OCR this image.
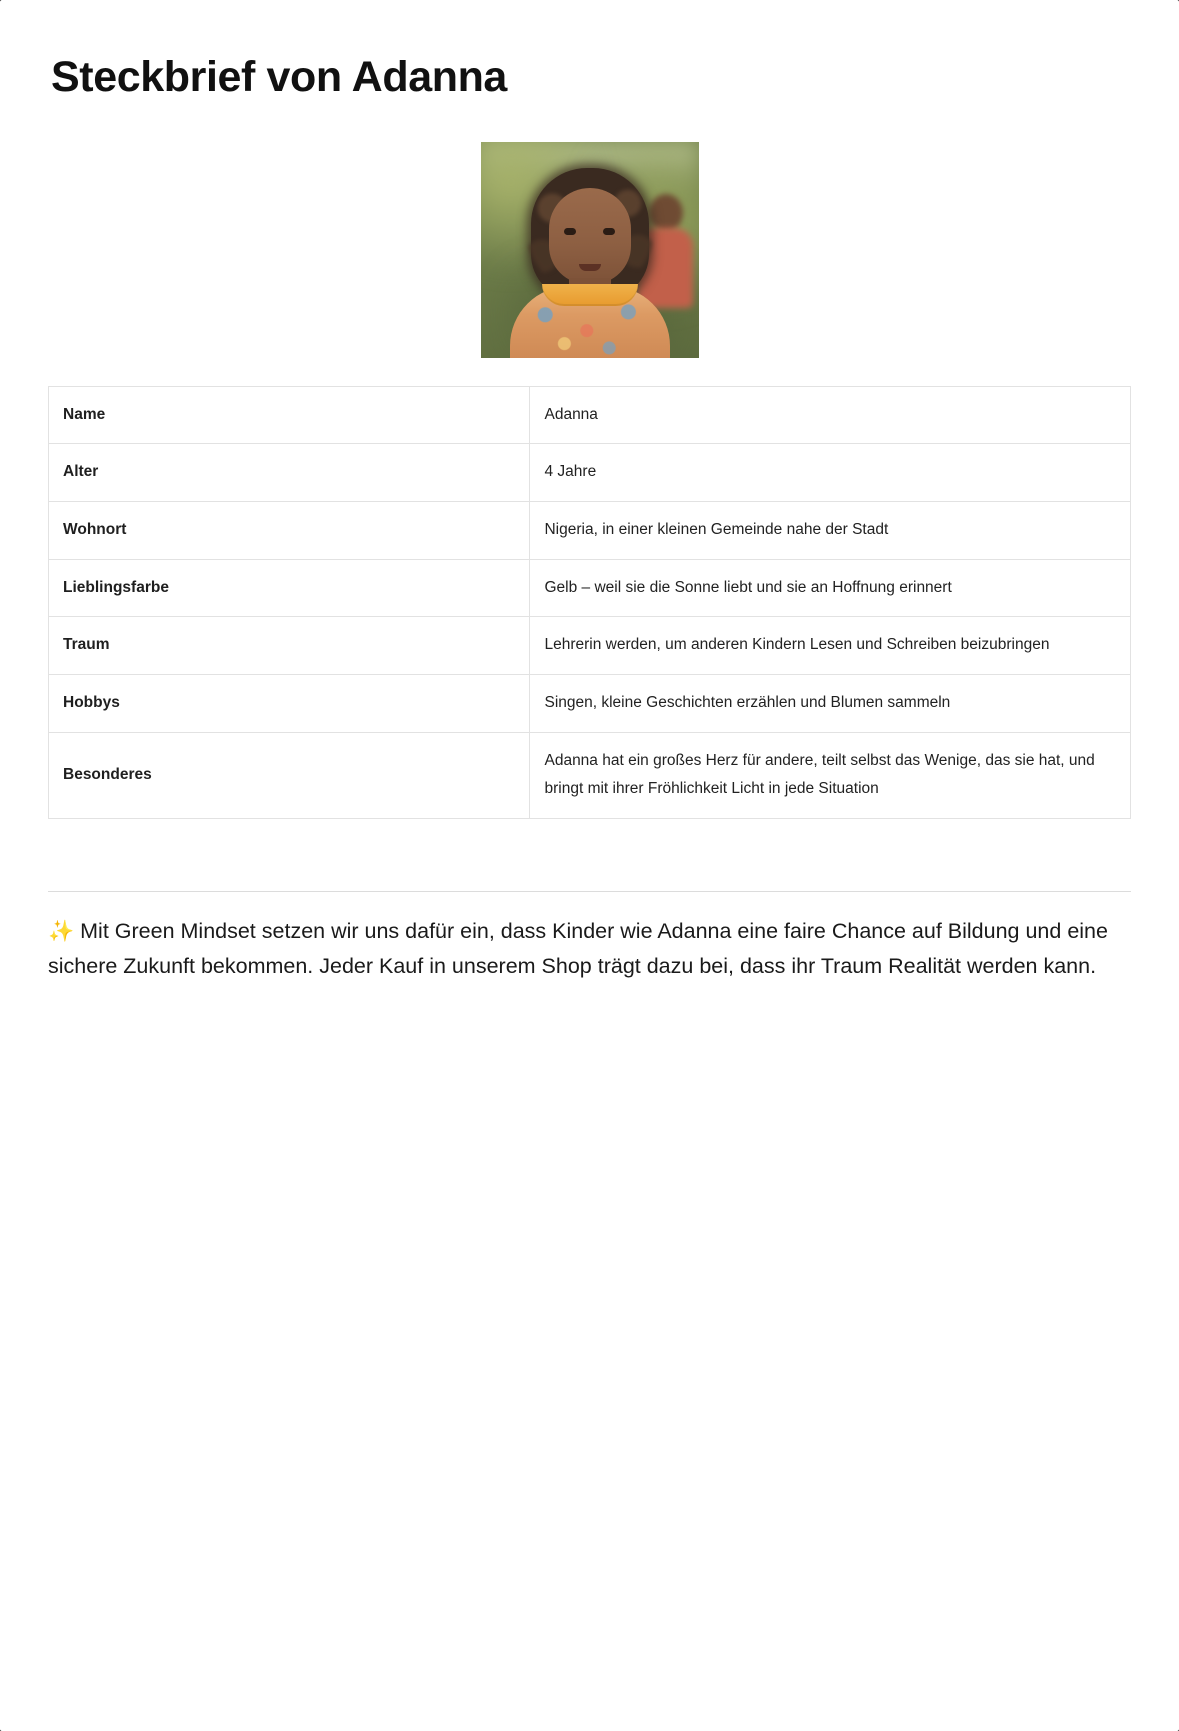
Steckbrief von Adanna
Name	Adanna
Alter	4 Jahre
Wohnort	Nigeria, in einer kleinen Gemeinde nahe der Stadt
Lieblingsfarbe	Gelb – weil sie die Sonne liebt und sie an Hoffnung erinnert
Traum	Lehrerin werden, um anderen Kindern Lesen und Schreiben beizubringen
Hobbys	Singen, kleine Geschichten erzählen und Blumen sammeln
Besonderes	Adanna hat ein großes Herz für andere, teilt selbst das Wenige, das sie hat, und bringt mit ihrer Fröhlichkeit Licht in jede Situation

✨ Mit Green Mindset setzen wir uns dafür ein, dass Kinder wie Adanna eine faire Chance auf Bildung und eine sichere Zukunft bekommen. Jeder Kauf in unserem Shop trägt dazu bei, dass ihr Traum Realität werden kann.
